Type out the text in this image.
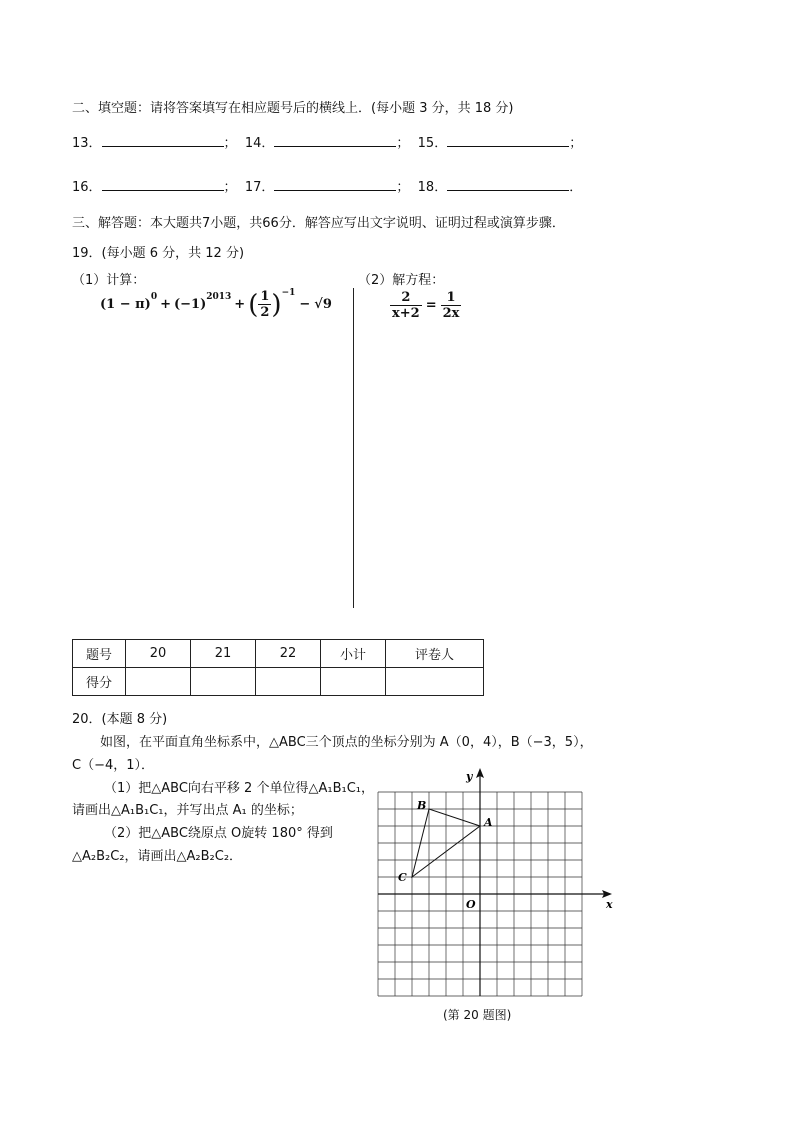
二、填空题：请将答案填写在相应题号后的横线上．(每小题 3 分，共 18 分)
13．	； 14．	； 15．	；
16．	； 17．	； 18．	．
三、解答题：本大题共7小题，共66分．解答应写出文字说明、证明过程或演算步骤．
19．(每小题 6 分，共 12 分)
（1）计算：
(1 − π)
$^0$
+ (−1)
$^{2013}$
+ ( $\frac{1}{2} )^{-1}$
− √9
（2）解方程：
$\frac{2}{x+2} = \frac{1}{2x}$
题号	20	21	22	小计	评卷人
得分					
20．(本题 8 分)
如图，在平面直角坐标系中，△ABC三个顶点的坐标分别为 A（0，4），B（−3，5），
C（−4，1）．
（1）把△ABC向右平移 2 个单位得△A₁B₁C₁，
请画出△A₁B₁C₁，并写出点 A₁ 的坐标；
（2）把△ABC绕原点 O旋转 180° 得到
△A₂B₂C₂，请画出△A₂B₂C₂．
x
y
O
A
B
C
(第 20 题图)
